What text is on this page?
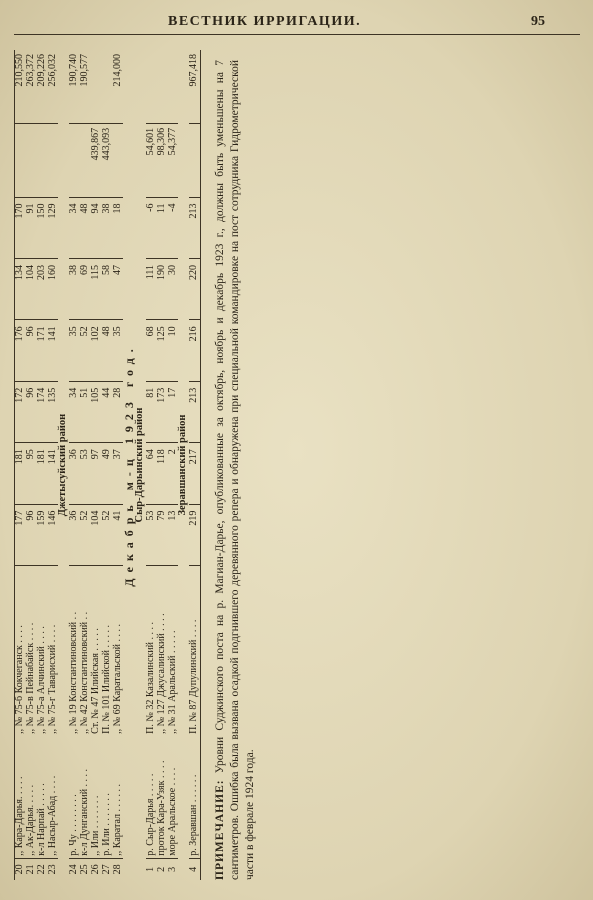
ВЕСТНИК ИРРИГАЦИИ.	95
20	,, Кара-Дарья. . . . .	,, № 75-б Кокчеганск . . . .	177	181	172	176	134	170		210,550
21	,, Ак-Дарья. . . . .	,, № 75-в Пейнабайск . . . .	96	95	96	96	104	91		263,372
22	к-л Нарпай . . . . .	,, № 75-а Алчинский . . . .	159	181	174	171	203	150		209,226
23	,, Насыр-Абад . . . .	,, № 75-г Таварисхий . . . .	146	141	135	141	160	129		256,032
Джетысуйский район										
24	р. Чу . . . . . . . .	,, № 19 Константиновский . .	36	36	34	35	38	34		190,740
25	к-л Дунганский . . . .	,, № 42 Константиновский . .	52	53	51	52	69	48		190,577
26	,, Или . . . . . . .	Ст. № 47 Илийская . . . . .	104	97	105	102	115	94	439,867	
27	р. Или . . . . . . .	П. № 101 Илийской . . . . .	52	49	44	48	58	38	443,093	
28	,, Каратал . . . . . .	,, № 69 Каратальской . . . .	41	37	28	35	47	18		214,000
Декабрь м-ц 1923 год.										
Сыр-Дарьинский район										
1	р. Сыр-Дарья . . . . .	П. № 32 Казалинский . . . .	53	64	81	68	111	-6	54,601	
2	проток Кара-Узяк . . . .	,, № 127 Джусалинский . . . .	79	118	173	125	190	11	98,306	
3	море Аральское . . . .	,, № 31 Аральский . . . . .	13	2	17	10	30	-4	54,377	
Зеравшанский район										
4	р. Зеравшан . . . . . .	П. № 87 Дупулинский . . . .	219	217	213	216	220	213		967,418
ПРИМЕЧАНИЕ: Уровни Суджинского поста на р. Магиан-Дарье, опубликованные за октябрь, ноябрь и декабрь 1923 г., должны быть уменьшены на 7 сантиметров. Ошибка была вызвана осадкой подгнившего деревянного репера и обнаружена при специальной командировке на пост сотрудника Гидрометрической части в феврале 1924 года.
